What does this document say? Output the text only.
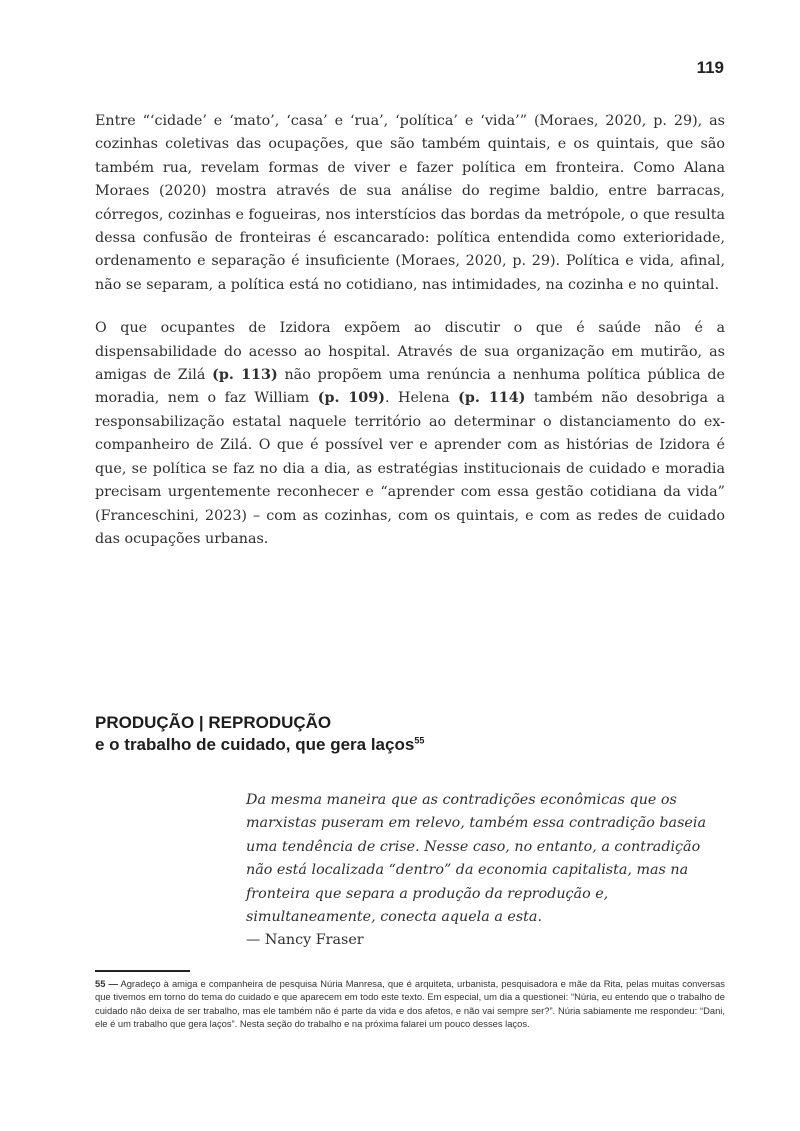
119

Entre “‘cidade’ e ‘mato’, ‘casa’ e ‘rua’, ‘política’ e ‘vida’” (Moraes, 2020, p. 29), as cozinhas coletivas das ocupações, que são também quintais, e os quintais, que são também rua, revelam formas de viver e fazer política em fronteira. Como Alana Moraes (2020) mostra através de sua análise do regime baldio, entre barracas, córregos, cozinhas e fogueiras, nos interstícios das bordas da metrópole, o que resulta dessa confusão de fronteiras é escancarado: política entendida como exterioridade, ordenamento e separação é insuficiente (Moraes, 2020, p. 29). Política e vida, afinal, não se separam, a política está no cotidiano, nas intimidades, na cozinha e no quintal.

O que ocupantes de Izidora expõem ao discutir o que é saúde não é a dispensabilidade do acesso ao hospital. Através de sua organização em mutirão, as amigas de Zilá (p. 113) não propõem uma renúncia a nenhuma política pública de moradia, nem o faz William (p. 109). Helena (p. 114) também não desobriga a responsabilização estatal naquele território ao determinar o distanciamento do ex-companheiro de Zilá. O que é possível ver e aprender com as histórias de Izidora é que, se política se faz no dia a dia, as estratégias institucionais de cuidado e moradia precisam urgentemente reconhecer e “aprender com essa gestão cotidiana da vida” (Franceschini, 2023) – com as cozinhas, com os quintais, e com as redes de cuidado das ocupações urbanas.

PRODUÇÃO | REPRODUÇÃO
e o trabalho de cuidado, que gera laços$^{55}$

Da mesma maneira que as contradições econômicas que os marxistas puseram em relevo, também essa contradição baseia uma tendência de crise. Nesse caso, no entanto, a contradição não está localizada “dentro” da economia capitalista, mas na fronteira que separa a produção da reprodução e, simultaneamente, conecta aquela a esta.

— Nancy Fraser

55 — Agradeço à amiga e companheira de pesquisa Núria Manresa, que é arquiteta, urbanista, pesquisadora e mãe da Rita, pelas muitas conversas que tivemos em torno do tema do cuidado e que aparecem em todo este texto. Em especial, um dia a questionei: “Núria, eu entendo que o trabalho de cuidado não deixa de ser trabalho, mas ele também não é parte da vida e dos afetos, e não vai sempre ser?”. Núria sabiamente me respondeu: “Dani, ele é um trabalho que gera laços”. Nesta seção do trabalho e na próxima falarei um pouco desses laços.
